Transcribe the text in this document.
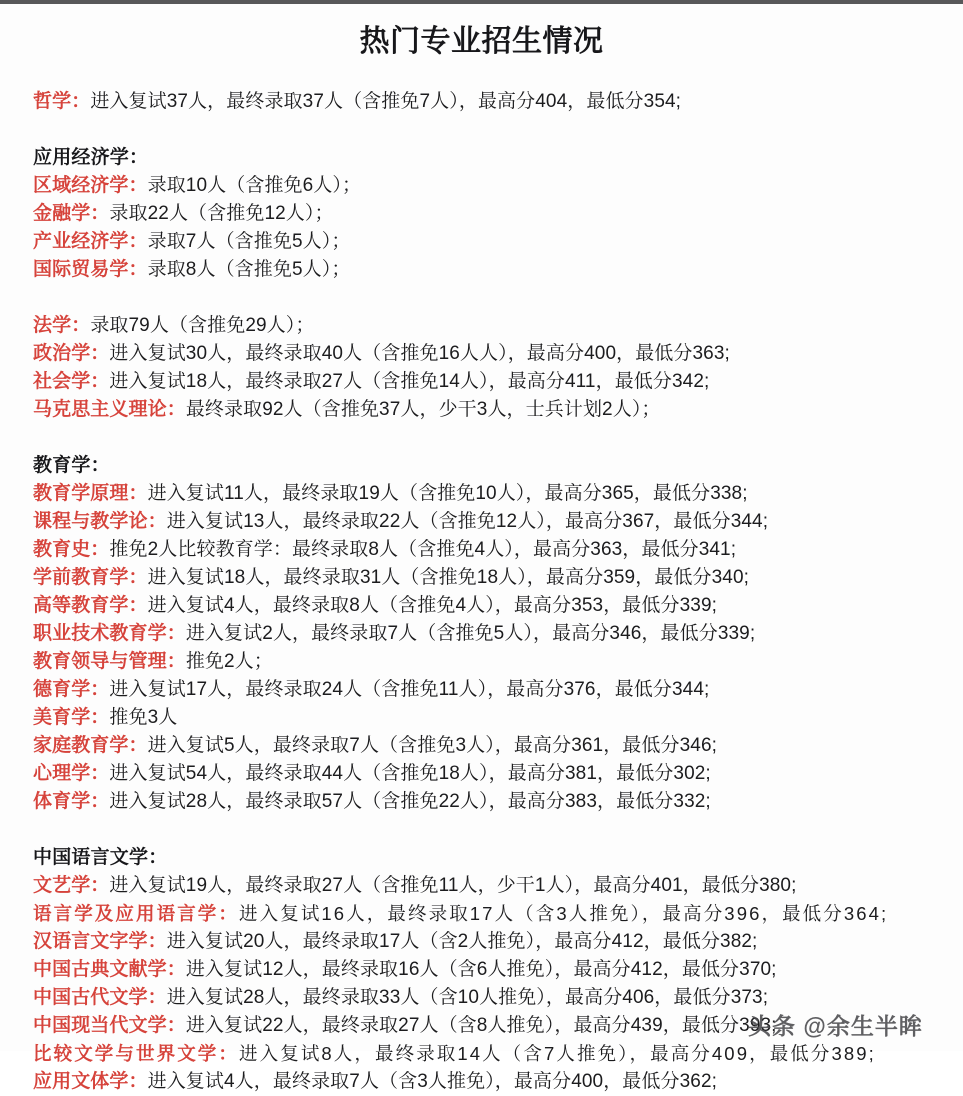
热门专业招生情况
哲学：进入复试37人，最终录取37人（含推免7人），最高分404，最低分354;
应用经济学：
区域经济学：录取10人（含推免6人）；
金融学：录取22人（含推免12人）；
产业经济学：录取7人（含推免5人）；
国际贸易学：录取8人（含推免5人）；
法学：录取79人（含推免29人）；
政治学：进入复试30人，最终录取40人（含推免16人人），最高分400，最低分363;
社会学：进入复试18人，最终录取27人（含推免14人），最高分411，最低分342;
马克思主义理论：最终录取92人（含推免37人，少干3人，士兵计划2人）；
教育学：
教育学原理：进入复试11人，最终录取19人（含推免10人），最高分365，最低分338;
课程与教学论：进入复试13人，最终录取22人（含推免12人），最高分367，最低分344;
教育史：推免2人比较教育学：最终录取8人（含推免4人），最高分363，最低分341;
学前教育学：进入复试18人，最终录取31人（含推免18人），最高分359，最低分340;
高等教育学：进入复试4人，最终录取8人（含推免4人），最高分353，最低分339;
职业技术教育学：进入复试2人，最终录取7人（含推免5人），最高分346，最低分339;
教育领导与管理：推免2人；
德育学：进入复试17人，最终录取24人（含推免11人），最高分376，最低分344;
美育学：推免3人
家庭教育学：进入复试5人，最终录取7人（含推免3人），最高分361，最低分346;
心理学：进入复试54人，最终录取44人（含推免18人），最高分381，最低分302;
体育学：进入复试28人，最终录取57人（含推免22人），最高分383，最低分332;
中国语言文学：
文艺学：进入复试19人，最终录取27人（含推免11人，少干1人），最高分401，最低分380;
语言学及应用语言学：进入复试16人，最终录取17人（含3人推免），最高分396，最低分364;
汉语言文字学：进入复试20人，最终录取17人（含2人推免），最高分412，最低分382;
中国古典文献学：进入复试12人，最终录取16人（含6人推免），最高分412，最低分370;
中国古代文学：进入复试28人，最终录取33人（含10人推免），最高分406，最低分373;
中国现当代文学：进入复试22人，最终录取27人（含8人推免），最高分439，最低分393;
比较文学与世界文学：进入复试8人，最终录取14人（含7人推免），最高分409，最低分389;
应用文体学：进入复试4人，最终录取7人（含3人推免），最高分400，最低分362;
头条 @余生半眸
